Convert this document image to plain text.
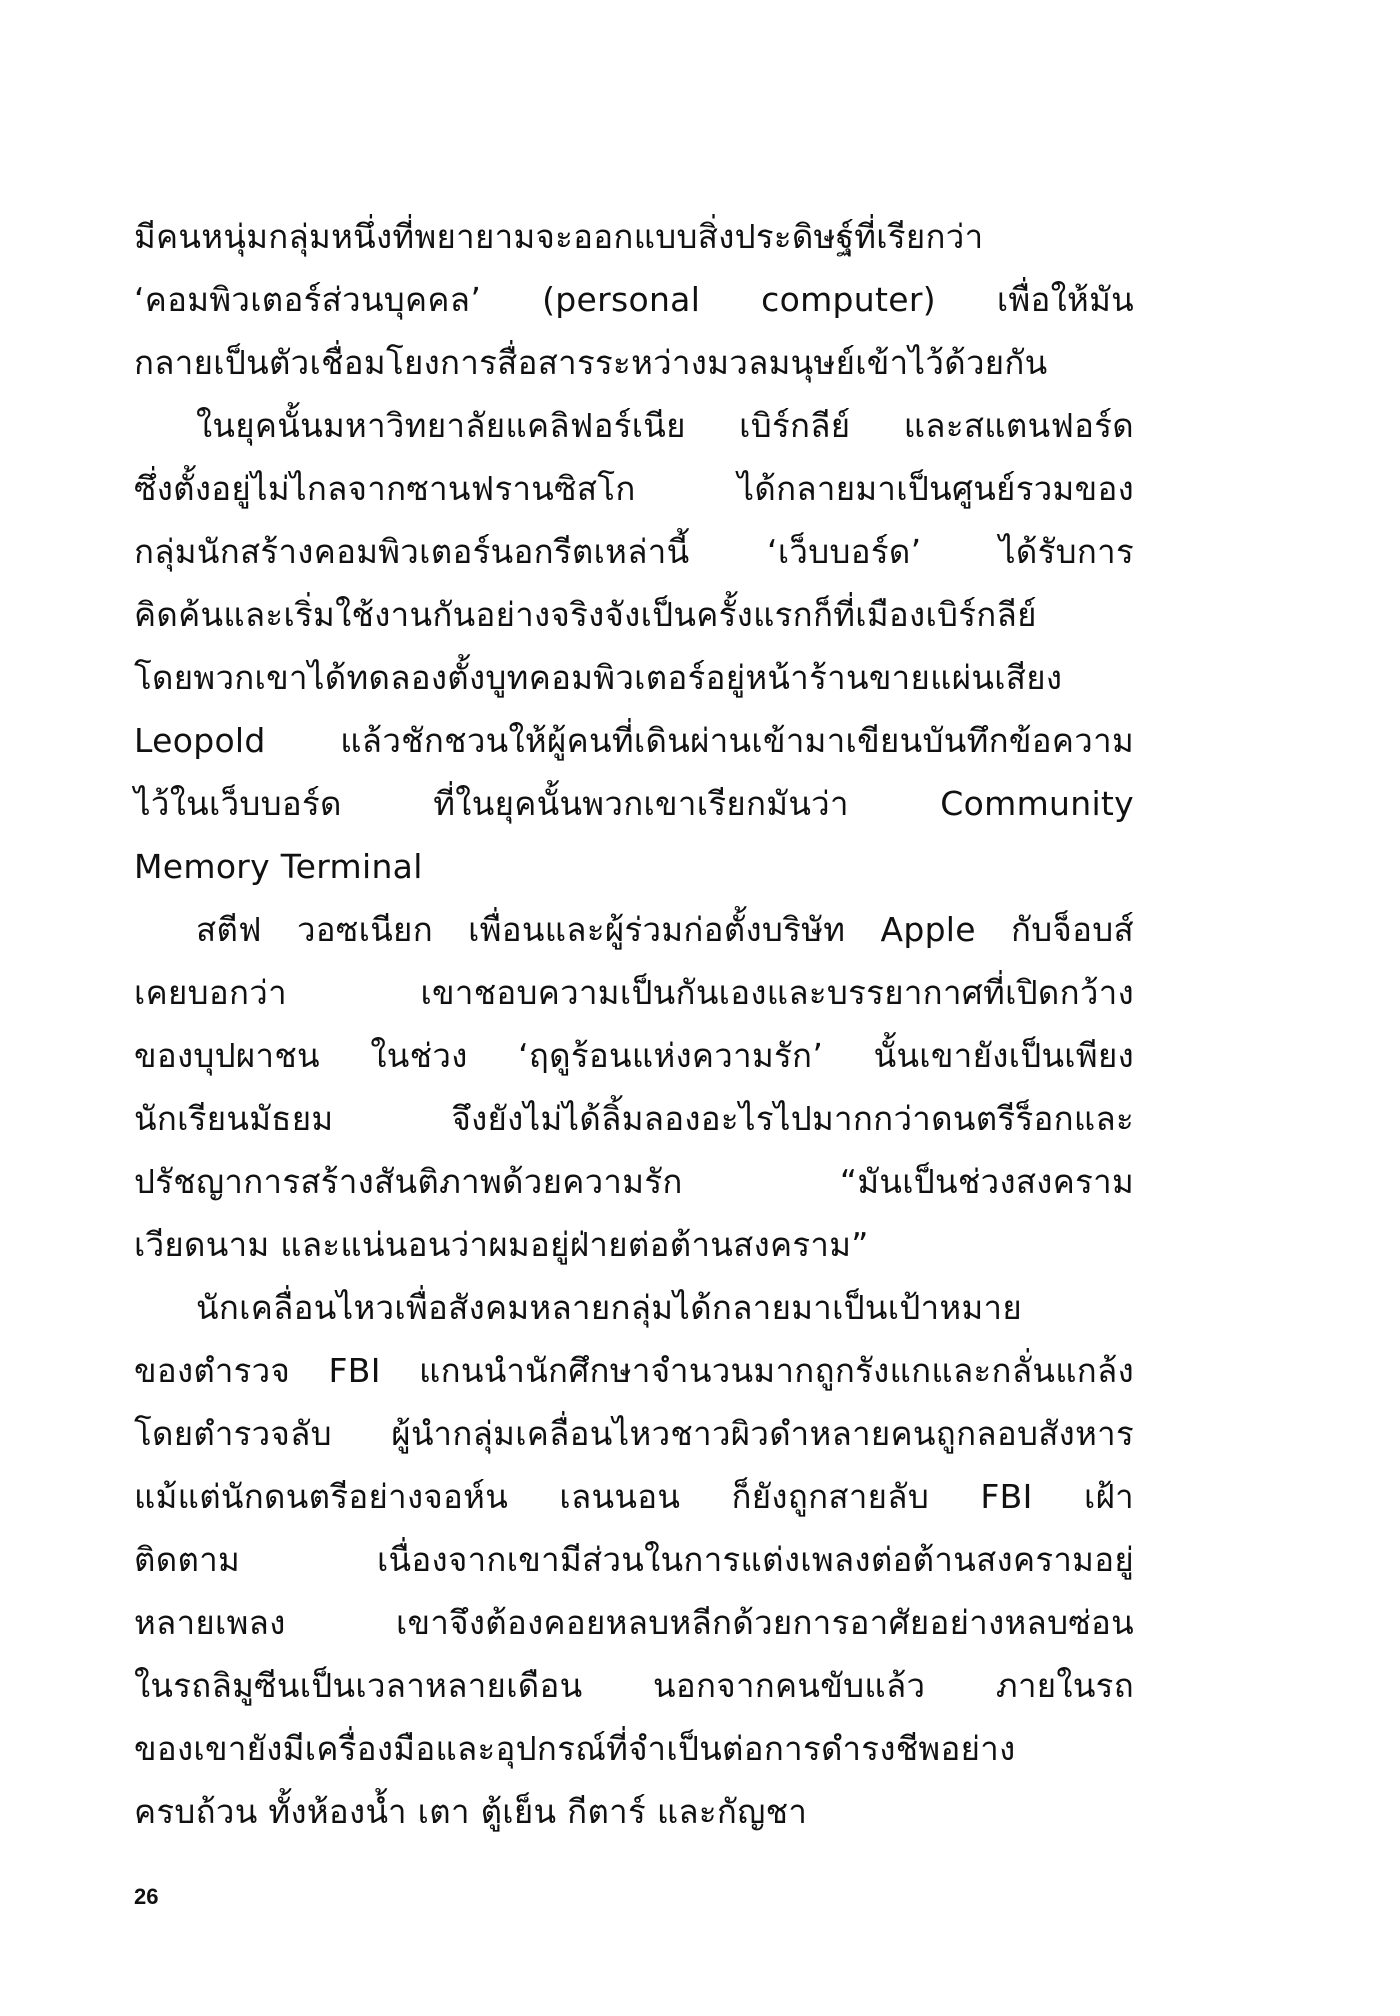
มีคนหนุ่มกลุ่มหนึ่งที่พยายามจะออกแบบสิ่งประดิษฐ์ที่เรียกว่า
‘คอมพิวเตอร์ส่วนบุคคล’ (personal computer) เพื่อให้มัน
กลายเป็นตัวเชื่อมโยงการสื่อสารระหว่างมวลมนุษย์เข้าไว้ด้วยกัน
ในยุคนั้นมหาวิทยาลัยแคลิฟอร์เนีย เบิร์กลีย์ และสแตนฟอร์ด
ซึ่งตั้งอยู่ไม่ไกลจากซานฟรานซิสโก ได้กลายมาเป็นศูนย์รวมของ
กลุ่มนักสร้างคอมพิวเตอร์นอกรีตเหล่านี้ ‘เว็บบอร์ด’ ได้รับการ
คิดค้นและเริ่มใช้งานกันอย่างจริงจังเป็นครั้งแรกก็ที่เมืองเบิร์กลีย์
โดยพวกเขาได้ทดลองตั้งบูทคอมพิวเตอร์อยู่หน้าร้านขายแผ่นเสียง
Leopold แล้วชักชวนให้ผู้คนที่เดินผ่านเข้ามาเขียนบันทึกข้อความ
ไว้ในเว็บบอร์ด ที่ในยุคนั้นพวกเขาเรียกมันว่า Community
Memory Terminal
สตีฟ วอซเนียก เพื่อนและผู้ร่วมก่อตั้งบริษัท Apple กับจ็อบส์
เคยบอกว่า เขาชอบความเป็นกันเองและบรรยากาศที่เปิดกว้าง
ของบุปผาชน ในช่วง ‘ฤดูร้อนแห่งความรัก’ นั้นเขายังเป็นเพียง
นักเรียนมัธยม จึงยังไม่ได้ลิ้มลองอะไรไปมากกว่าดนตรีร็อกและ
ปรัชญาการสร้างสันติภาพด้วยความรัก “มันเป็นช่วงสงคราม
เวียดนาม และแน่นอนว่าผมอยู่ฝ่ายต่อต้านสงคราม”
นักเคลื่อนไหวเพื่อสังคมหลายกลุ่มได้กลายมาเป็นเป้าหมาย
ของตำรวจ FBI แกนนำนักศึกษาจำนวนมากถูกรังแกและกลั่นแกล้ง
โดยตำรวจลับ ผู้นำกลุ่มเคลื่อนไหวชาวผิวดำหลายคนถูกลอบสังหาร
แม้แต่นักดนตรีอย่างจอห์น เลนนอน ก็ยังถูกสายลับ FBI เฝ้า
ติดตาม เนื่องจากเขามีส่วนในการแต่งเพลงต่อต้านสงครามอยู่
หลายเพลง เขาจึงต้องคอยหลบหลีกด้วยการอาศัยอย่างหลบซ่อน
ในรถลิมูซีนเป็นเวลาหลายเดือน นอกจากคนขับแล้ว ภายในรถ
ของเขายังมีเครื่องมือและอุปกรณ์ที่จำเป็นต่อการดำรงชีพอย่าง
ครบถ้วน ทั้งห้องน้ำ เตา ตู้เย็น กีตาร์ และกัญชา
26
